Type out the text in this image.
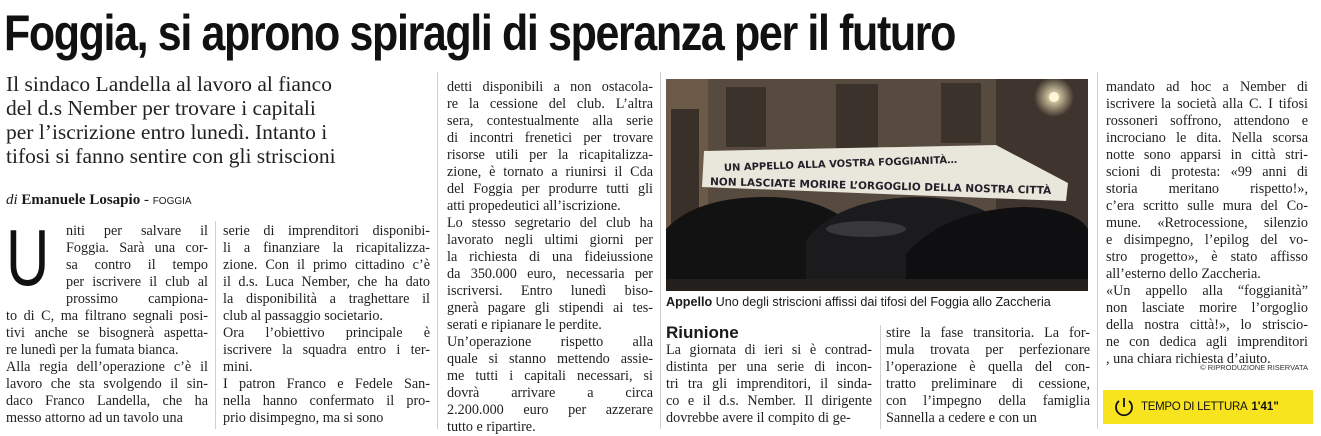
Foggia, si aprono spiragli di speranza per il futuro
Il sindaco Landella al lavoro al fianco
del d.s Nember per trovare i capitali
per l’iscrizione entro lunedì. Intanto i
tifosi si fanno sentire con gli striscioni
di Emanuele Losapio - FOGGIA
U niti per salvare il
Foggia. Sarà una cor-
sa contro il tempo
per iscrivere il club al
prossimo campiona-
to di C, ma filtrano segnali posi-
tivi anche se bisognerà aspetta-
re lunedì per la fumata bianca.
Alla regia dell’operazione c’è il
lavoro che sta svolgendo il sin-
daco Franco Landella, che ha
messo attorno ad un tavolo una
serie di imprenditori disponibi-
li a finanziare la ricapitalizza-
zione. Con il primo cittadino c’è
il d.s. Luca Nember, che ha dato
la disponibilità a traghettare il
club al passaggio societario.
Ora l’obiettivo principale è
iscrivere la squadra entro i ter-
mini.
I patron Franco e Fedele San-
nella hanno confermato il pro-
prio disimpegno, ma si sono
detti disponibili a non ostacola-
re la cessione del club. L’altra
sera, contestualmente alla serie
di incontri frenetici per trovare
risorse utili per la ricapitalizza-
zione, è tornato a riunirsi il Cda
del Foggia per produrre tutti gli
atti propedeutici all’iscrizione.
Lo stesso segretario del club ha
lavorato negli ultimi giorni per
la richiesta di una fideiussione
da 350.000 euro, necessaria per
iscriversi. Entro lunedì biso-
gnerà pagare gli stipendi ai tes-
serati e ripianare le perdite.
Un’operazione rispetto alla
quale si stanno mettendo assie-
me tutti i capitali necessari, si
dovrà arrivare a circa
2.200.000 euro per azzerare
tutto e ripartire.
UN APPELLO ALLA VOSTRA FOGGIANITÀ…
NON LASCIATE MORIRE L’ORGOGLIO DELLA NOSTRA CITTÀ
Appello Uno degli striscioni affissi dai tifosi del Foggia allo Zaccheria
Riunione
La giornata di ieri si è contrad-
distinta per una serie di incon-
tri tra gli imprenditori, il sinda-
co e il d.s. Nember. Il dirigente
dovrebbe avere il compito di ge-
stire la fase transitoria. La for-
mula trovata per perfezionare
l’operazione è quella del con-
tratto preliminare di cessione,
con l’impegno della famiglia
Sannella a cedere e con un
mandato ad hoc a Nember di
iscrivere la società alla C. I tifosi
rossoneri soffrono, attendono e
incrociano le dita. Nella scorsa
notte sono apparsi in città stri-
scioni di protesta: «99 anni di
storia meritano rispetto!»,
c’era scritto sulle mura del Co-
mune. «Retrocessione, silenzio
e disimpegno, l’epilog del vo-
stro progetto», è stato affisso
all’esterno dello Zaccheria.
«Un appello alla “foggianità”
non lasciate morire l’orgoglio
della nostra città!», lo striscio-
ne con dedica agli imprenditori
, una chiara richiesta d’aiuto.
© RIPRODUZIONE RISERVATA
TEMPO DI LETTURA 1'41"
